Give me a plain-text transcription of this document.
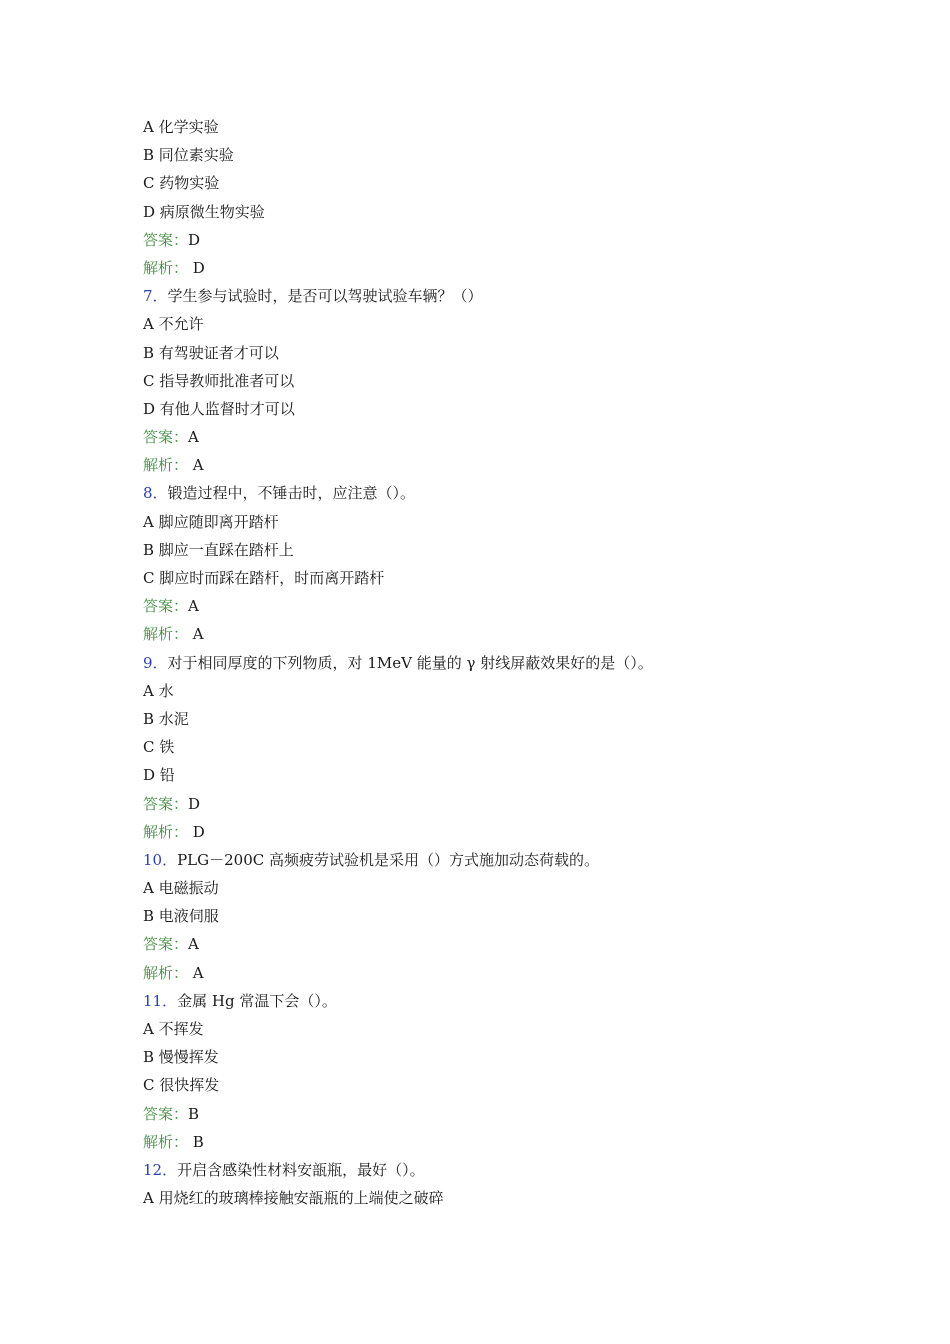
A 化学实验
B 同位素实验
C 药物实验
D 病原微生物实验
答案：D
解析： D
7．学生参与试验时，是否可以驾驶试验车辆？（）
A 不允许
B 有驾驶证者才可以
C 指导教师批准者可以
D 有他人监督时才可以
答案：A
解析： A
8．锻造过程中，不锤击时，应注意（）。
A 脚应随即离开踏杆
B 脚应一直踩在踏杆上
C 脚应时而踩在踏杆，时而离开踏杆
答案：A
解析： A
9．对于相同厚度的下列物质，对 1MeV 能量的 γ 射线屏蔽效果好的是（）。
A 水
B 水泥
C 铁
D 铅
答案：D
解析： D
10．PLG－200C 高频疲劳试验机是采用（）方式施加动态荷载的。
A 电磁振动
B 电液伺服
答案：A
解析： A
11．金属 Hg 常温下会（）。
A 不挥发
B 慢慢挥发
C 很快挥发
答案：B
解析： B
12．开启含感染性材料安瓿瓶，最好（）。
A 用烧红的玻璃棒接触安瓿瓶的上端使之破碎
